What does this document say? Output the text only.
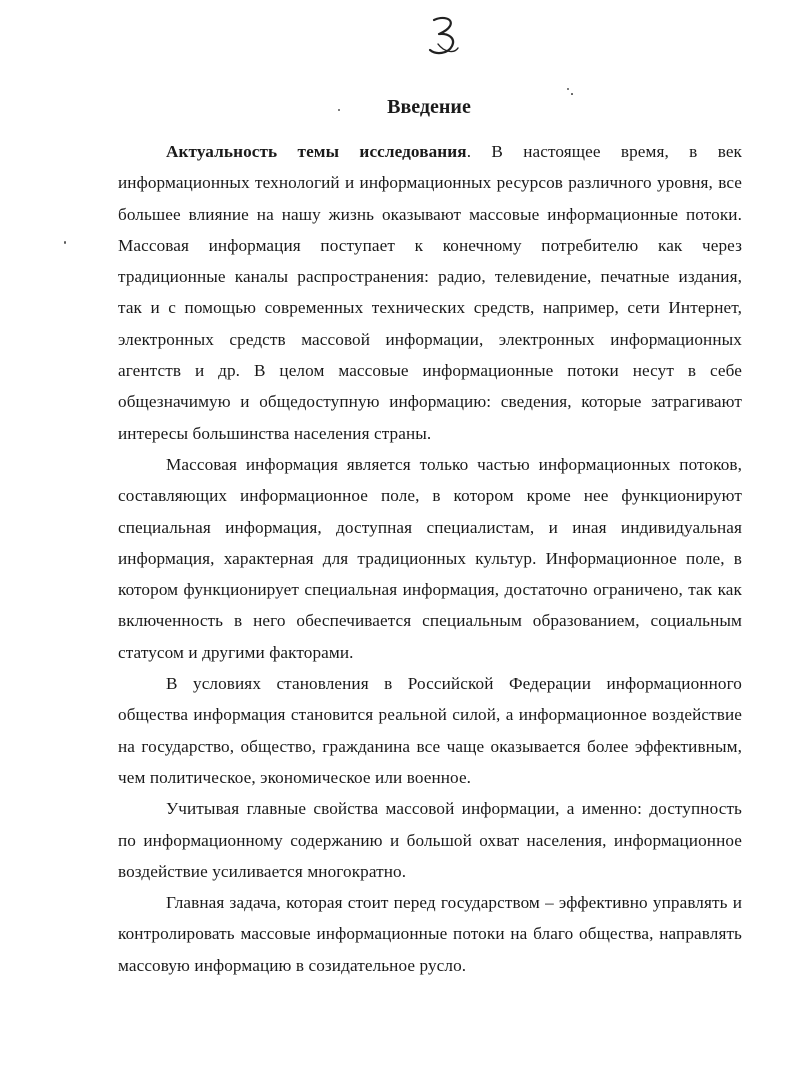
Введение

Актуальность темы исследования. В настоящее время, в век информационных технологий и информационных ресурсов различного уровня, все большее влияние на нашу жизнь оказывают массовые информационные потоки. Массовая информация поступает к конечному потребителю как через традиционные каналы распространения: радио, телевидение, печатные издания, так и с помощью современных технических средств, например, сети Интернет, электронных средств массовой информации, электронных информационных агентств и др. В целом массовые информационные потоки несут в себе общезначимую и общедоступную информацию: сведения, которые затрагивают интересы большинства населения страны.

Массовая информация является только частью информационных потоков, составляющих информационное поле, в котором кроме нее функционируют специальная информация, доступная специалистам, и иная индивидуальная информация, характерная для традиционных культур. Информационное поле, в котором функционирует специальная информация, достаточно ограничено, так как включенность в него обеспечивается специальным образованием, социальным статусом и другими факторами.

В условиях становления в Российской Федерации информационного общества информация становится реальной силой, а информационное воздействие на государство, общество, гражданина все чаще оказывается более эффективным, чем политическое, экономическое или военное.

Учитывая главные свойства массовой информации, а именно: доступность по информационному содержанию и большой охват населения, информационное воздействие усиливается многократно.

Главная задача, которая стоит перед государством – эффективно управлять и контролировать массовые информационные потоки на благо общества, направлять массовую информацию в созидательное русло.
